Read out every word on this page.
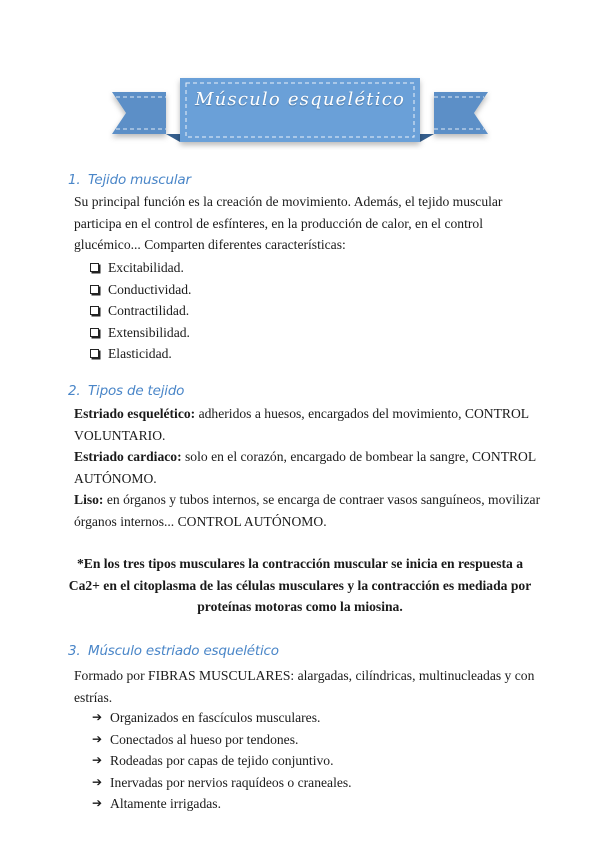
Músculo esquelético
1. Tejido muscular
Su principal función es la creación de movimiento. Además, el tejido muscular
participa en el control de esfínteres, en la producción de calor, en el control
glucémico... Comparten diferentes características:
Excitabilidad.
Conductividad.
Contractilidad.
Extensibilidad.
Elasticidad.
2. Tipos de tejido
Estriado esquelético: adheridos a huesos, encargados del movimiento, CONTROL
VOLUNTARIO.
Estriado cardiaco: solo en el corazón, encargado de bombear la sangre, CONTROL
AUTÓNOMO.
Liso: en órganos y tubos internos, se encarga de contraer vasos sanguíneos, movilizar
órganos internos... CONTROL AUTÓNOMO.
*En los tres tipos musculares la contracción muscular se inicia en respuesta a
Ca2+ en el citoplasma de las células musculares y la contracción es mediada por
proteínas motoras como la miosina.
3. Músculo estriado esquelético
Formado por FIBRAS MUSCULARES: alargadas, cilíndricas, multinucleadas y con
estrías.
➔ Organizados en fascículos musculares.
➔ Conectados al hueso por tendones.
➔ Rodeadas por capas de tejido conjuntivo.
➔ Inervadas por nervios raquídeos o craneales.
➔ Altamente irrigadas.
